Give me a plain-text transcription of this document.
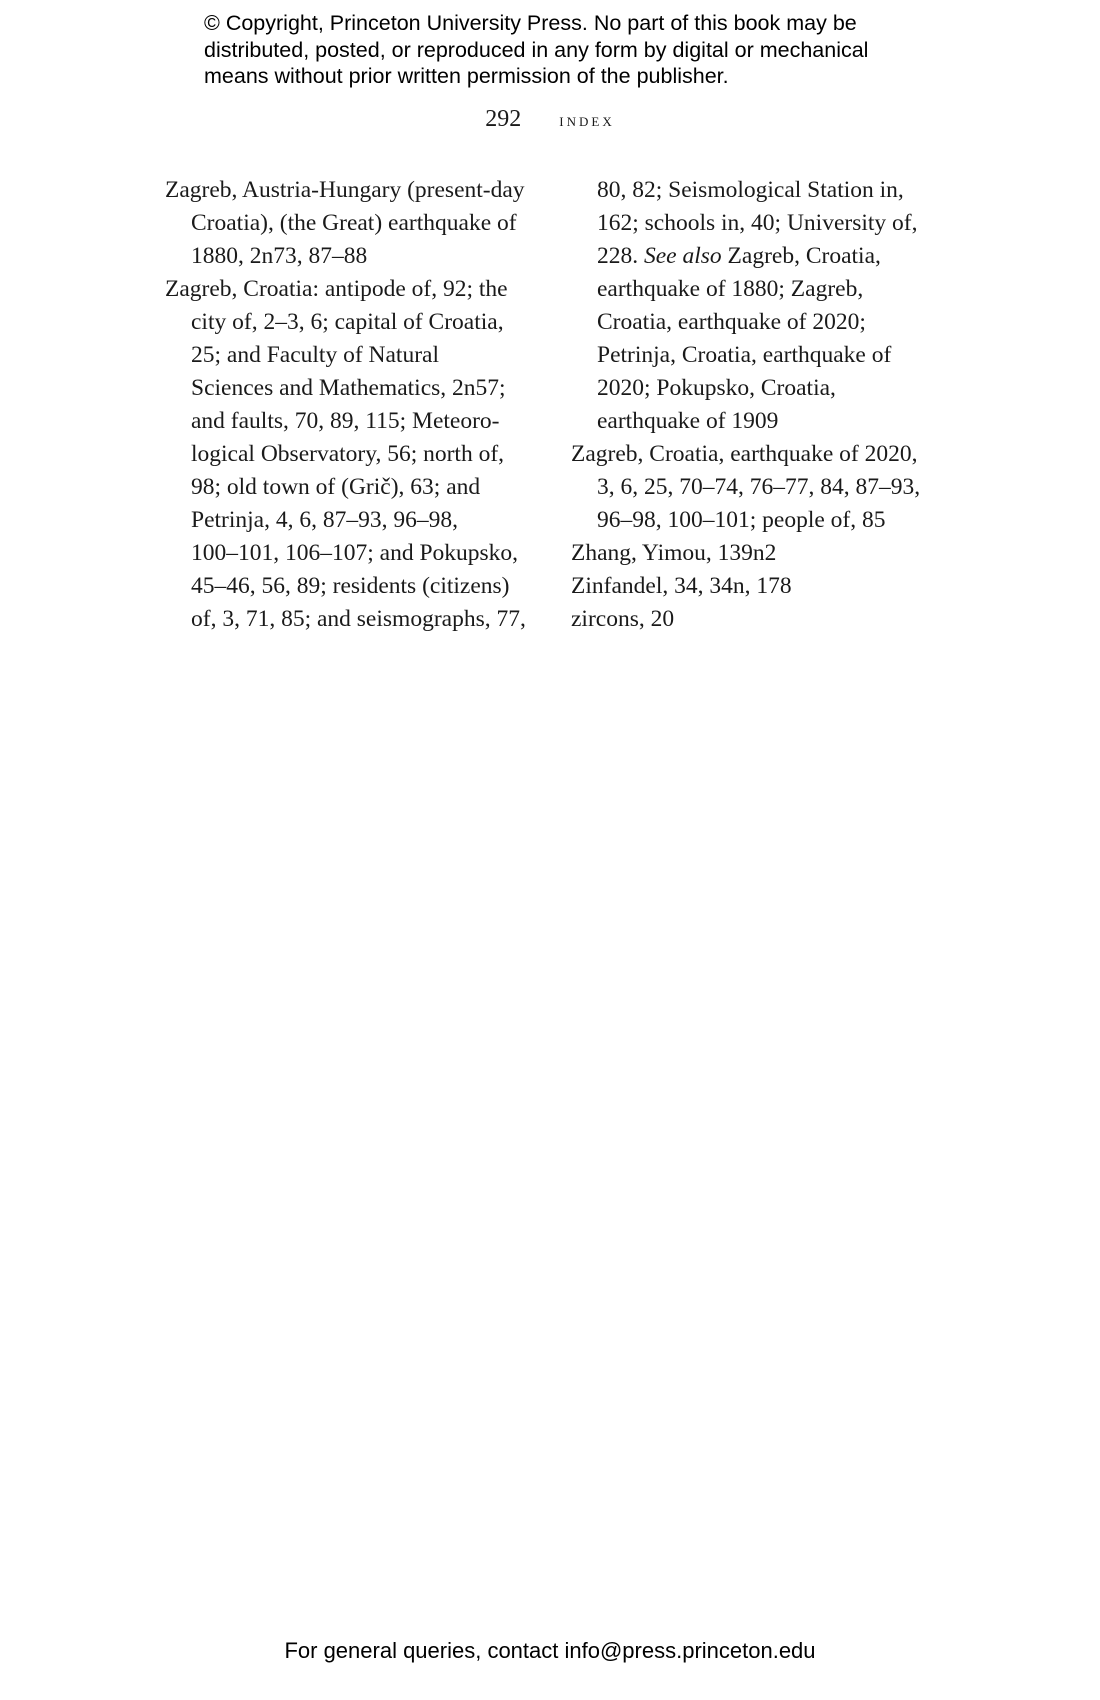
© Copyright, Princeton University Press. No part of this book may be
distributed, posted, or reproduced in any form by digital or mechanical
means without prior written permission of the publisher.
292 index

Zagreb, Austria-Hungary (present-day
Croatia), (the Great) earthquake of
1880, 2n73, 87–88

Zagreb, Croatia: antipode of, 92; the
city of, 2–3, 6; capital of Croatia,
25; and Faculty of Natural
Sciences and Mathematics, 2n57;
and faults, 70, 89, 115; Meteoro-
logical Observatory, 56; north of,
98; old town of (Grič), 63; and
Petrinja, 4, 6, 87–93, 96–98,
100–101, 106–107; and Pokupsko,
45–46, 56, 89; residents (citizens)
of, 3, 71, 85; and seismographs, 77,

80, 82; Seismological Station in,
162; schools in, 40; University of,
228. See also Zagreb, Croatia,
earthquake of 1880; Zagreb,
Croatia, earthquake of 2020;
Petrinja, Croatia, earthquake of
2020; Pokupsko, Croatia,
earthquake of 1909

Zagreb, Croatia, earthquake of 2020,
3, 6, 25, 70–74, 76–77, 84, 87–93,
96–98, 100–101; people of, 85

Zhang, Yimou, 139n2

Zinfandel, 34, 34n, 178

zircons, 20

For general queries, contact info@press.princeton.edu
